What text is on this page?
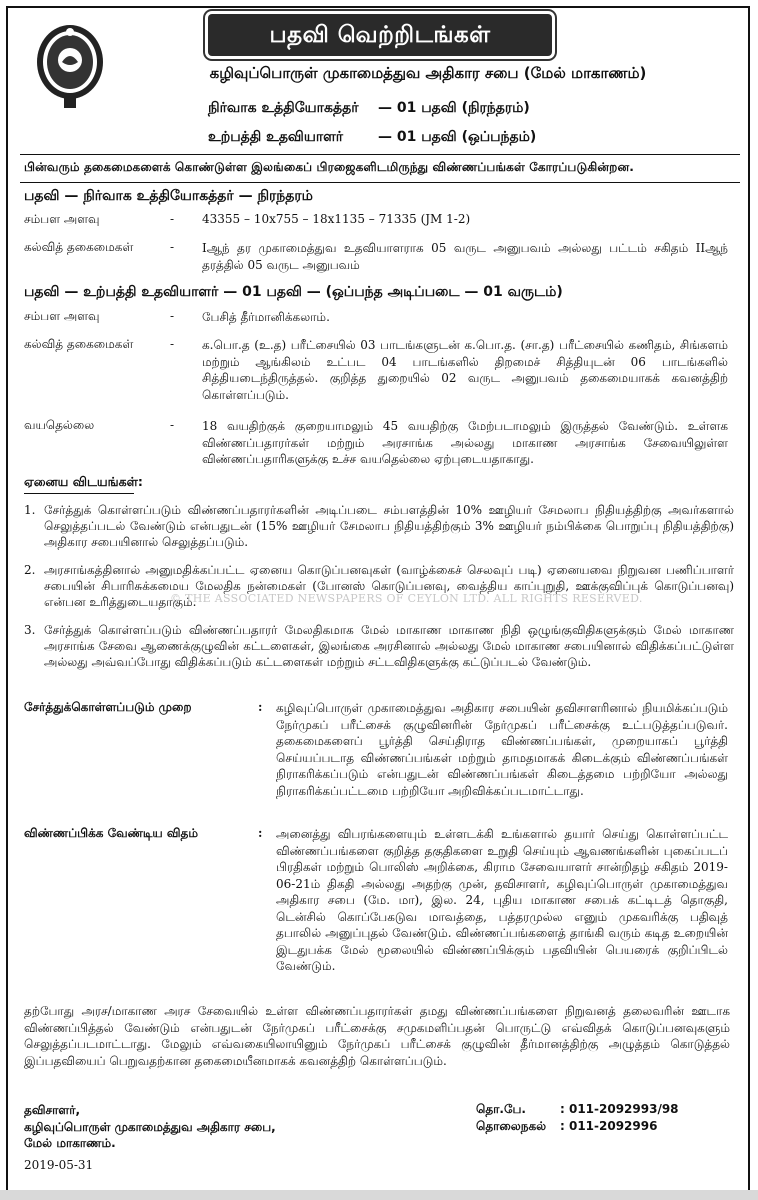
பதவி வெற்றிடங்கள்
கழிவுப்பொருள் முகாமைத்துவ அதிகார சபை (மேல் மாகாணம்)
நிர்வாக உத்தியோகத்தர் — 01 பதவி (நிரந்தரம்)
உற்பத்தி உதவியாளர் — 01 பதவி (ஒப்பந்தம்)
பின்வரும் தகைமைகளைக் கொண்டுள்ள இலங்கைப் பிரஜைகளிடமிருந்து விண்ணப்பங்கள் கோரப்படுகின்றன.
பதவி — நிர்வாக உத்தியோகத்தர் — நிரந்தரம்
சம்பள அளவு	- 43355 – 10x755 – 18x1135 – 71335 (JM 1-2)
கல்வித் தகைமைகள்	- Iஆந் தர முகாமைத்துவ உதவியாளராக 05 வருட அனுபவம் அல்லது பட்டம் சகிதம் IIஆந் தரத்தில் 05 வருட அனுபவம்
பதவி — உற்பத்தி உதவியாளர் — 01 பதவி — (ஒப்பந்த அடிப்படை — 01 வருடம்)
சம்பள அளவு	- பேசித் தீர்மானிக்கலாம்.
கல்வித் தகைமைகள்	- க.பொ.த (உ.த) பரீட்சையில் 03 பாடங்களுடன் க.பொ.த. (சா.த) பரீட்சையில் கணிதம், சிங்களம் மற்றும் ஆங்கிலம் உட்பட 04 பாடங்களில் திறமைச் சித்தியுடன் 06 பாடங்களில் சித்தியடைந்திருத்தல். குறித்த துறையில் 02 வருட அனுபவம் தகைமையாகக் கவனத்திற் கொள்ளப்படும்.
வயதெல்லை	- 18 வயதிற்குக் குறையாமலும் 45 வயதிற்கு மேற்படாமலும் இருத்தல் வேண்டும். உள்ளக விண்ணப்பதாரர்கள் மற்றும் அரசாங்க அல்லது மாகாண அரசாங்க சேவையிலுள்ள விண்ணப்பதாரிகளுக்கு உச்ச வயதெல்லை ஏற்புடையதாகாது.
ஏனைய விடயங்கள்:
1. சேர்த்துக் கொள்ளப்படும் விண்ணப்பதாரர்களின் அடிப்படை சம்பளத்தின் 10% ஊழியர் சேமலாப நிதியத்திற்கு அவர்களால் செலுத்தப்படல் வேண்டும் என்பதுடன் (15% ஊழியர் சேமலாப நிதியத்திற்கும் 3% ஊழியர் நம்பிக்கை பொறுப்பு நிதியத்திற்கு) அதிகார சபையினால் செலுத்தப்படும்.
2. அரசாங்கத்தினால் அனுமதிக்கப்பட்ட ஏனைய கொடுப்பனவுகள் (வாழ்க்கைச் செலவுப் படி) ஏனையவை நிறுவன பணிப்பாளர் சபையின் சிபாரிசுக்கமைய மேலதிக நன்மைகள் (போனஸ் கொடுப்பனவு, வைத்திய காப்புறுதி, ஊக்குவிப்புக் கொடுப்பனவு) என்பன உரித்துடையதாகும்.
3. சேர்த்துக் கொள்ளப்படும் விண்ணப்பதாரர் மேலதிகமாக மேல் மாகாண மாகாண நிதி ஒழுங்குவிதிகளுக்கும் மேல் மாகாண அரசாங்க சேவை ஆணைக்குழுவின் கட்டளைகள், இலங்கை அரசினால் அல்லது மேல் மாகாண சபையினால் விதிக்கப்பட்டுள்ள அல்லது அவ்வப்போது விதிக்கப்படும் கட்டளைகள் மற்றும் சட்டவிதிகளுக்கு கட்டுப்படல் வேண்டும்.
© THE ASSOCIATED NEWSPAPERS OF CEYLON LTD. ALL RIGHTS RESERVED.
சேர்த்துக்கொள்ளப்படும் முறை	: கழிவுப்பொருள் முகாமைத்துவ அதிகார சபையின் தவிசாளரினால் நியமிக்கப்படும் நேர்முகப் பரீட்சைக் குழுவினரின் நேர்முகப் பரீட்சைக்கு உட்படுத்தப்படுவர். தகைமைகளைப் பூர்த்தி செய்திராத விண்ணப்பங்கள், முறையாகப் பூர்த்தி செய்யப்படாத விண்ணப்பங்கள் மற்றும் தாமதமாகக் கிடைக்கும் விண்ணப்பங்கள் நிராகரிக்கப்படும் என்பதுடன் விண்ணப்பங்கள் கிடைத்தமை பற்றியோ அல்லது நிராகரிக்கப்பட்டமை பற்றியோ அறிவிக்கப்படமாட்டாது.
விண்ணப்பிக்க வேண்டிய விதம்	: அனைத்து விபரங்களையும் உள்ளடக்கி உங்களால் தயார் செய்து கொள்ளப்பட்ட விண்ணப்பங்களை குறித்த தகுதிகளை உறுதி செய்யும் ஆவணங்களின் புகைப்படப் பிரதிகள் மற்றும் பொலிஸ் அறிக்கை, கிராம சேவையாளர் சான்றிதழ் சகிதம் 2019-06-21ம் திகதி அல்லது அதற்கு முன், தவிசாளர், கழிவுப்பொருள் முகாமைத்துவ அதிகார சபை (மே. மா), இல. 24, புதிய மாகாண சபைக் கட்டிடத் தொகுதி, டென்சில் கொப்பேகடுவ மாவத்தை, பத்தரமுல்ல எனும் முகவரிக்கு பதிவுத் தபாலில் அனுப்புதல் வேண்டும். விண்ணப்பங்களைத் தாங்கி வரும் கடித உறையின் இடதுபக்க மேல் மூலையில் விண்ணப்பிக்கும் பதவியின் பெயரைக் குறிப்பிடல் வேண்டும்.
தற்போது அரச/மாகாண அரச சேவையில் உள்ள விண்ணப்பதாரர்கள் தமது விண்ணப்பங்களை நிறுவனத் தலைவரின் ஊடாக விண்ணப்பித்தல் வேண்டும் என்பதுடன் நேர்முகப் பரீட்சைக்கு சமுகமளிப்பதன் பொருட்டு எவ்விதக் கொடுப்பனவுகளும் செலுத்தப்படமாட்டாது. மேலும் எவ்வகையிலாயினும் நேர்முகப் பரீட்சைக் குழுவின் தீர்மானத்திற்கு அழுத்தம் கொடுத்தல் இப்பதவியைப் பெறுவதற்கான தகைமையீனமாகக் கவனத்திற் கொள்ளப்படும்.
தவிசாளர்,
கழிவுப்பொருள் முகாமைத்துவ அதிகார சபை,
மேல் மாகாணம்.
2019-05-31
தொ.பே.	: 011-2092993/98
தொலைநகல் : 011-2092996
